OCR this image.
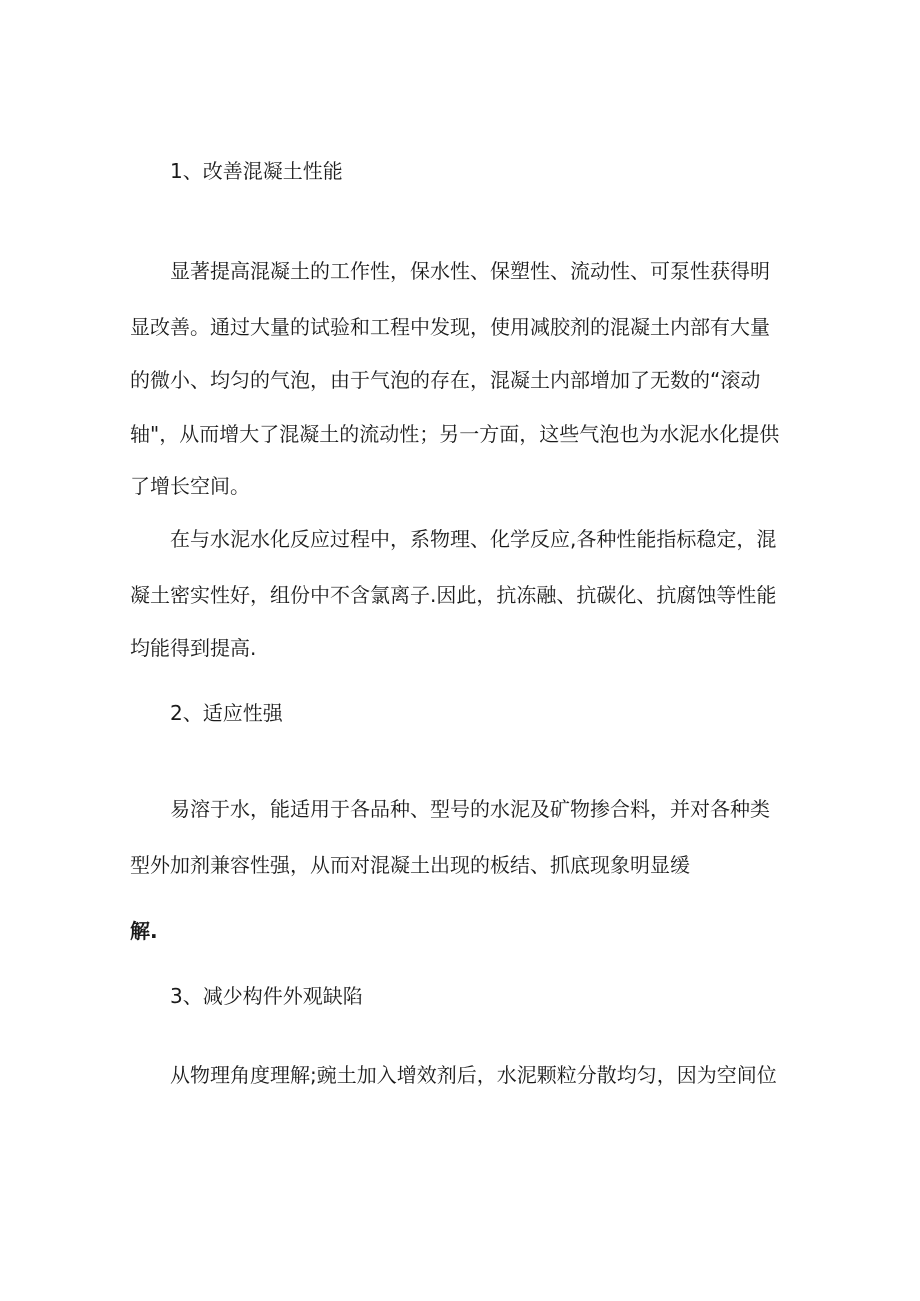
1、改善混凝土性能
显著提高混凝土的工作性，保水性、保塑性、流动性、可泵性获得明
显改善。通过大量的试验和工程中发现，使用减胶剂的混凝土内部有大量
的微小、均匀的气泡，由于气泡的存在，混凝土内部增加了无数的“滚动
轴"，从而增大了混凝土的流动性；另一方面，这些气泡也为水泥水化提供
了增长空间。
在与水泥水化反应过程中，系物理、化学反应,各种性能指标稳定，混
凝土密实性好，组份中不含氯离子.因此，抗冻融、抗碳化、抗腐蚀等性能
均能得到提高.
2、适应性强
易溶于水，能适用于各品种、型号的水泥及矿物掺合料，并对各种类
型外加剂兼容性强，从而对混凝土出现的板结、抓底现象明显缓
解.
3、减少构件外观缺陷
从物理角度理解;豌土加入增效剂后，水泥颗粒分散均匀，因为空间位
